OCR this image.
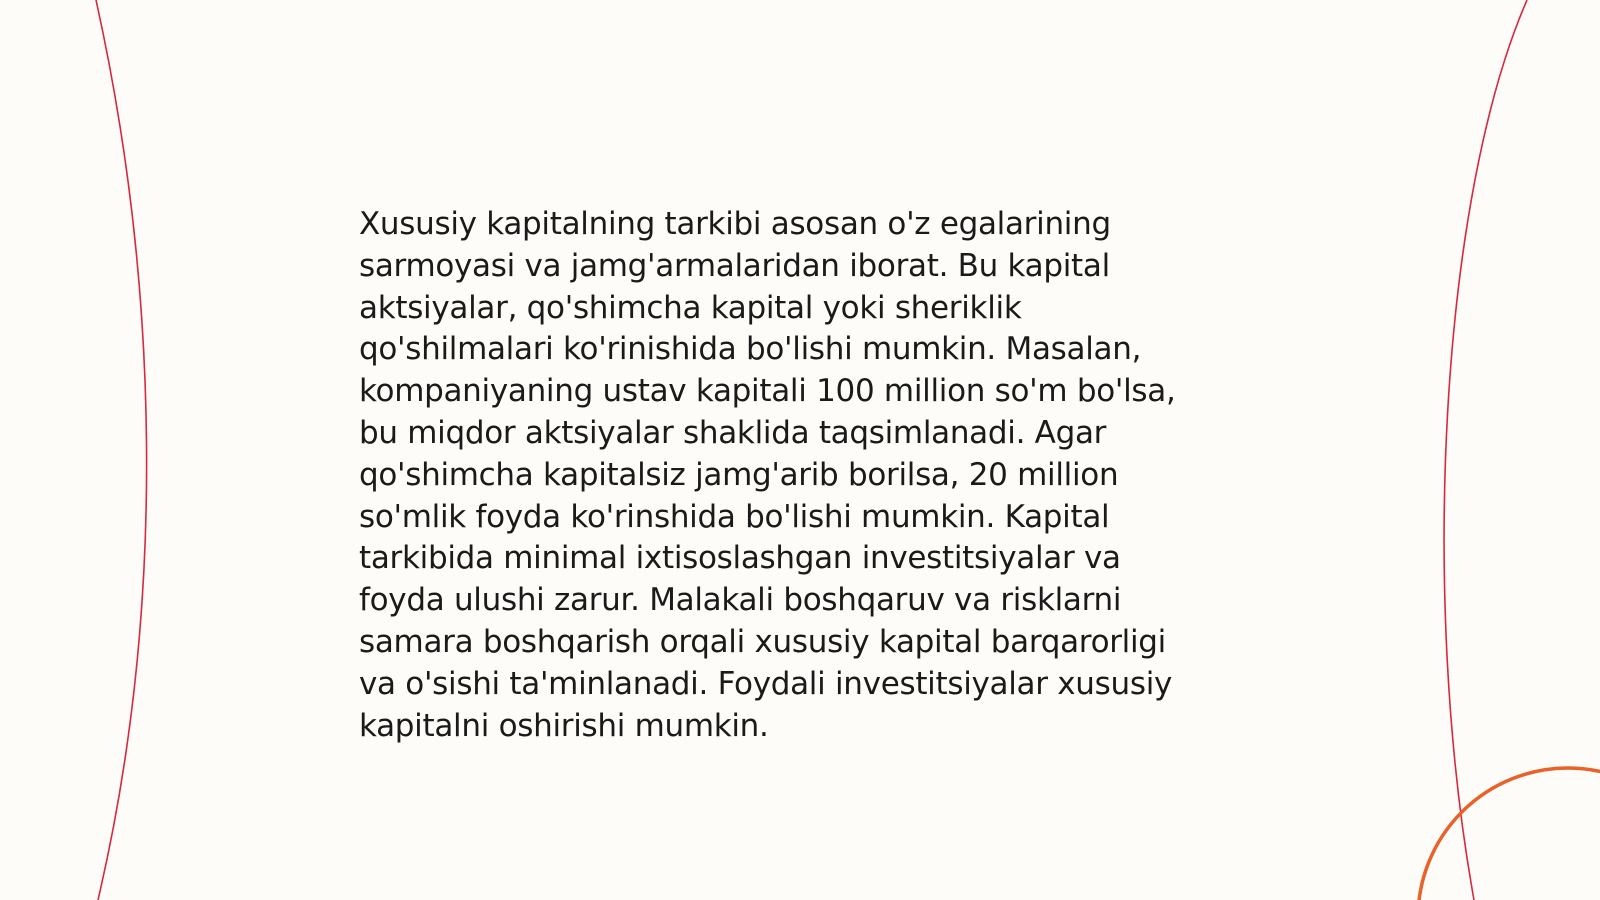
Xususiy kapitalning tarkibi asosan o'z egalarining
sarmoyasi va jamg'armalaridan iborat. Bu kapital
aktsiyalar, qo'shimcha kapital yoki sheriklik
qo'shilmalari ko'rinishida bo'lishi mumkin. Masalan,
kompaniyaning ustav kapitali 100 million so'm bo'lsa,
bu miqdor aktsiyalar shaklida taqsimlanadi. Agar
qo'shimcha kapitalsiz jamg'arib borilsa, 20 million
so'mlik foyda ko'rinshida bo'lishi mumkin. Kapital
tarkibida minimal ixtisoslashgan investitsiyalar va
foyda ulushi zarur. Malakali boshqaruv va risklarni
samara boshqarish orqali xususiy kapital barqarorligi
va o'sishi ta'minlanadi. Foydali investitsiyalar xususiy
kapitalni oshirishi mumkin.
